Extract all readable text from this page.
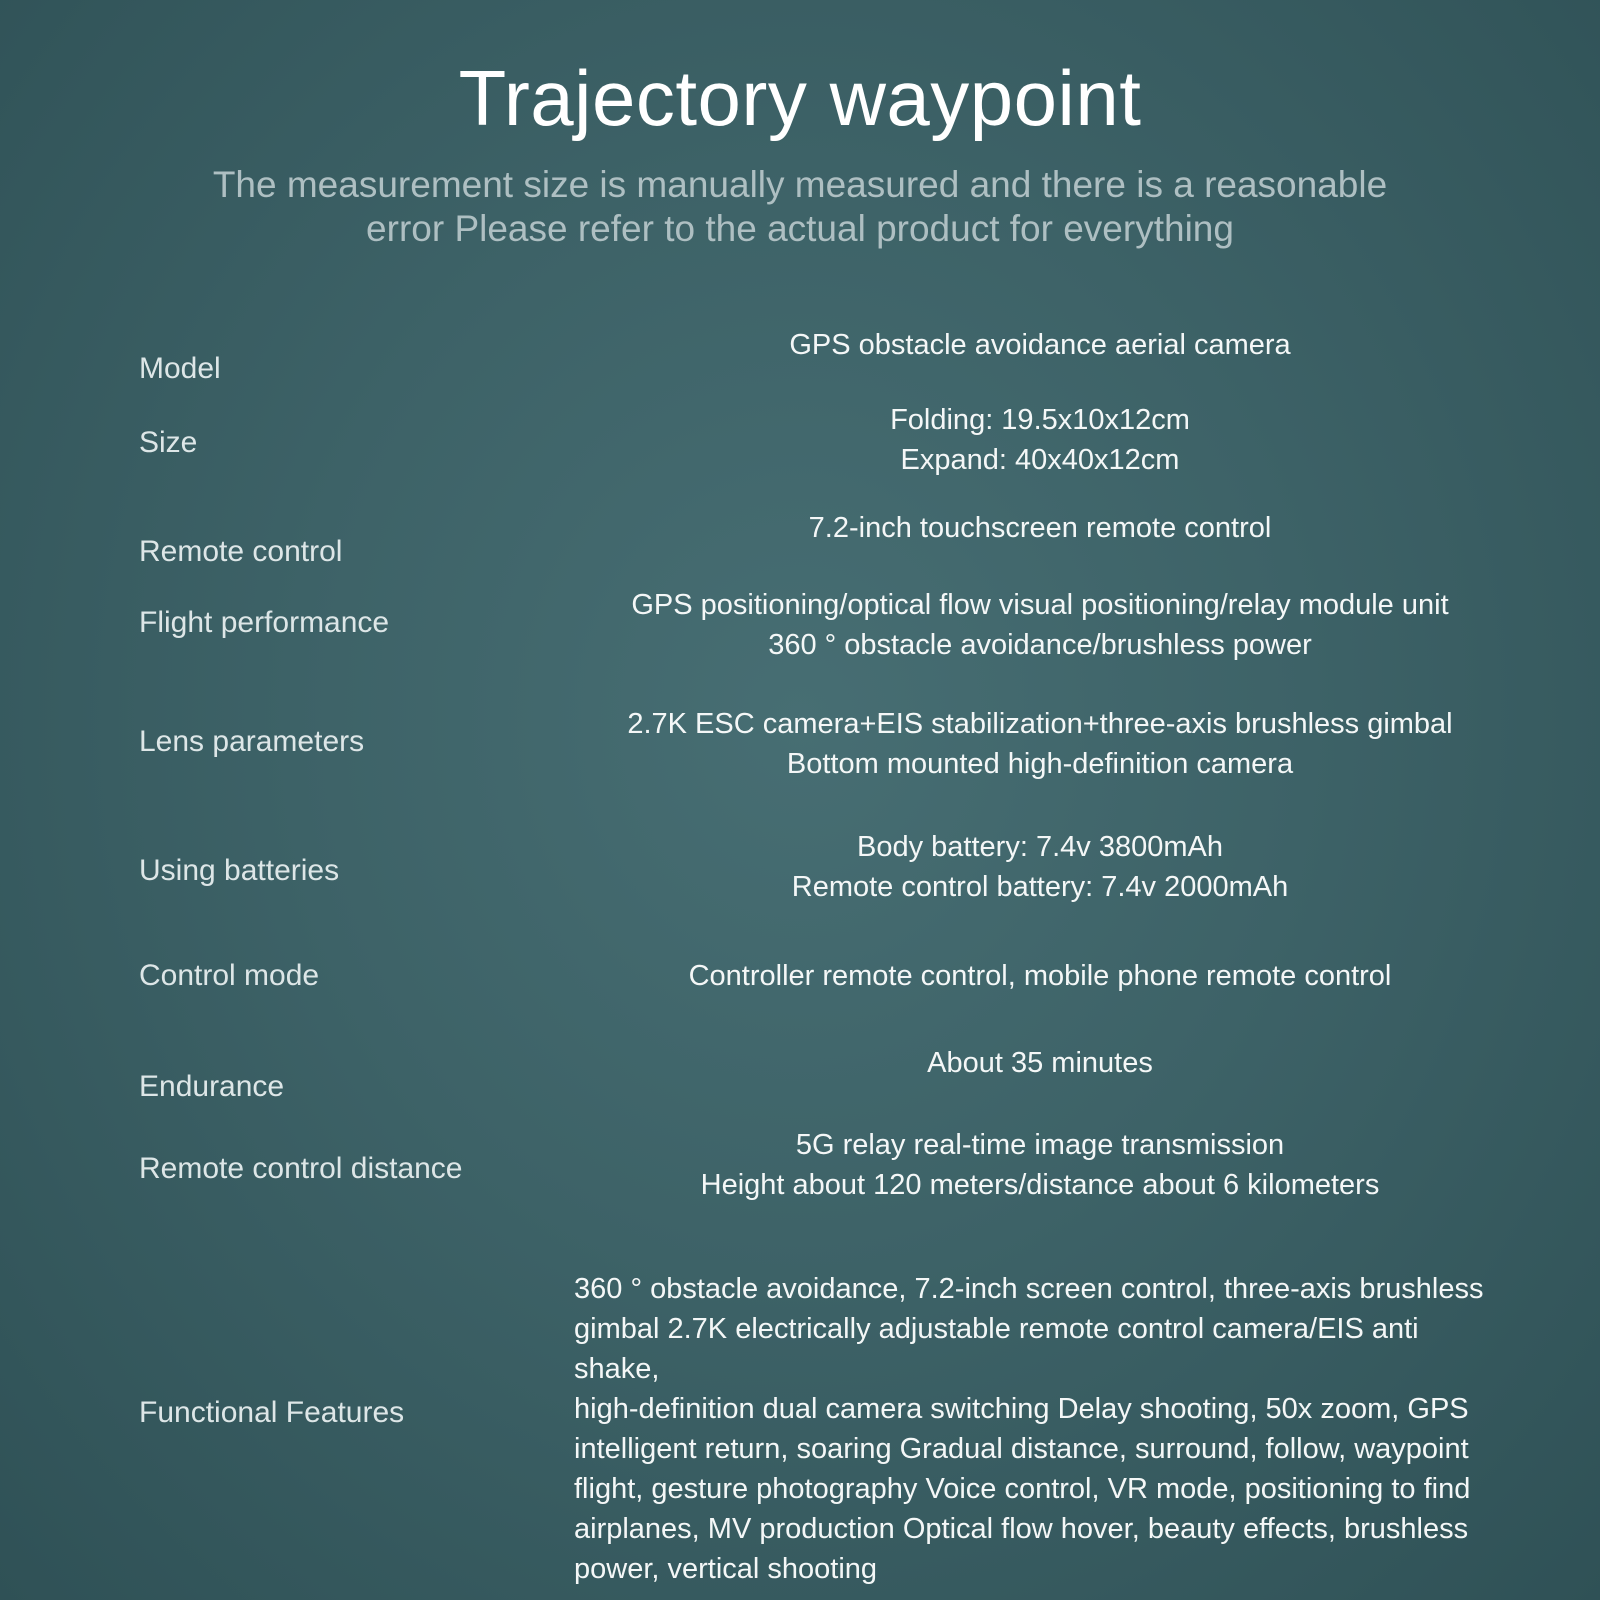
Trajectory waypoint
The measurement size is manually measured and there is a reasonable
error Please refer to the actual product for everything
Model
GPS obstacle avoidance aerial camera
Size
Folding: 19.5x10x12cm
Expand: 40x40x12cm
Remote control
7.2-inch touchscreen remote control
Flight performance
GPS positioning/optical flow visual positioning/relay module unit
360 ° obstacle avoidance/brushless power
Lens parameters
2.7K ESC camera+EIS stabilization+three-axis brushless gimbal
Bottom mounted high-definition camera
Using batteries
Body battery: 7.4v 3800mAh
Remote control battery: 7.4v 2000mAh
Control mode	Controller remote control, mobile phone remote control
Endurance
About 35 minutes
Remote control distance
5G relay real-time image transmission
Height about 120 meters/distance about 6 kilometers
Functional Features
360 ° obstacle avoidance, 7.2-inch screen control, three-axis brushless
gimbal 2.7K electrically adjustable remote control camera/EIS anti shake,
high-definition dual camera switching Delay shooting, 50x zoom, GPS
intelligent return, soaring Gradual distance, surround, follow, waypoint
flight, gesture photography Voice control, VR mode, positioning to find
airplanes, MV production Optical flow hover, beauty effects, brushless
power, vertical shooting
